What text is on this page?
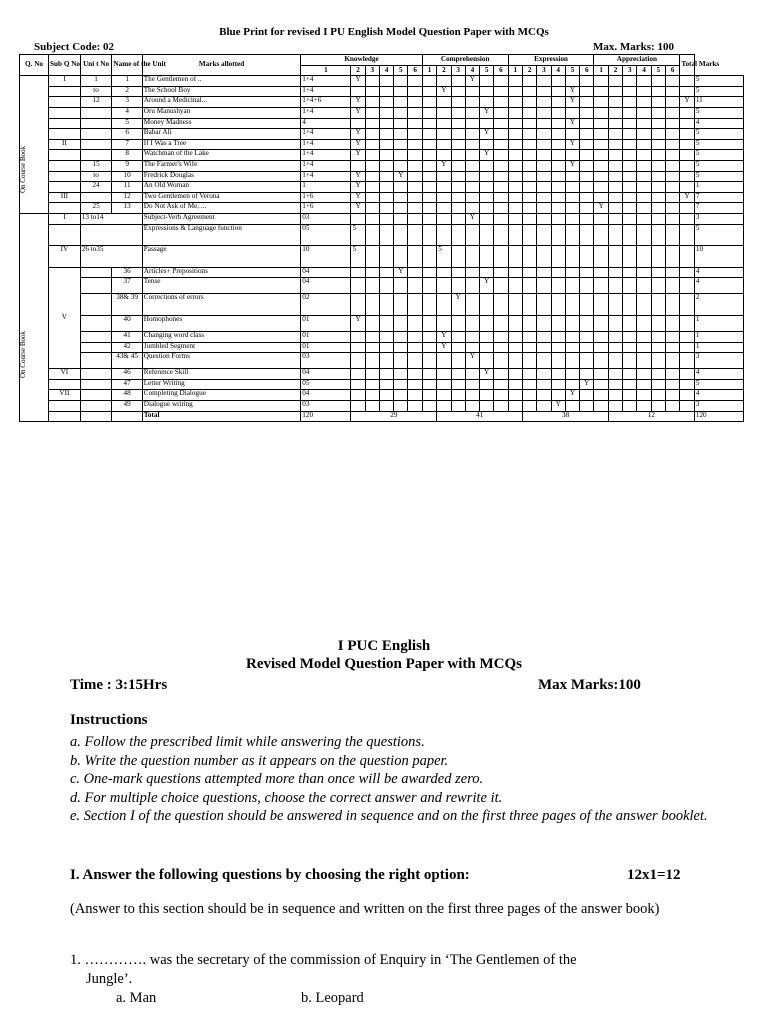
Blue Print for revised I PU English Model Question Paper with MCQs
Subject Code: 02	Max. Marks: 100
Q. No	Sub Q No	Uni t No	Name of the Unit	Marks allotted	Knowledge						Comprehension						Expression						Appreciation						Total Marks	
					1	2	3	4	5	6	1	2	3	4	5	6	1	2	3	4	5	6	1	2	3	4	5	6		
	I	1	1	The Gentlemen of ..	1+4	Y								Y																5
		to	2	The School Boy	1+4							Y									Y									5
		12	3	Around a Medicinal...	1+4+6	Y															Y								Y	11
			4	Oru Manushyan	1+4	Y									Y															5
			5	Money Madness	4																Y									4
			6	Babar Ali	1+4	Y									Y															5
	II		7	If I Was a Tree	1+4	Y															Y									5
			8	Watchman of the Lake	1+4	Y									Y															5
		15	9	The Farmer's Wife	1+4							Y									Y									5
		to	10	Fredrick Douglas	1+4	Y			Y																					5
		24	11	An Old Woman	1	Y																								1
	III		12	Two Gentlemen of Verona	1+6	Y																							Y	7
		25	13	Do Not Ask of Me, ...	1+6	Y																	Y							7
	I	13 to14		Subject-Verb Agreement	03									Y																3
				Expressions & Language function	05	5																								5
	IV	26 to35		Passage	10	5						5																		10
	V		36	Articles+ Prepositions	04				Y																					4
			37	Tense	04										Y															4
			38& 39	Corrections of errors	02								Y																	2
			40	Homophones	01	Y																								1
			41	Changing word class	01							Y																		1
			42	Jumbled Segment	01							Y																		1
			43& 45	Question Forms	03									Y																3
	VI		46	Reference Skill	04										Y															4
			47	Letter Writing	05																	Y								5
	VII		48	Completing Dialogue	04																Y									4
			49	Dialogue writing	03															Y										3
				Total	120	29						41						38						12						120
On Course Book
On Course Book
I PUC English
Revised Model Question Paper with MCQs
Time : 3:15Hrs	Max Marks:100
Instructions
a. Follow the prescribed limit while answering the questions.
b. Write the question number as it appears on the question paper.
c. One-mark questions attempted more than once will be awarded zero.
d. For multiple choice questions, choose the correct answer and rewrite it.
e. Section I of the question should be answered in sequence and on the first three pages of the answer booklet.
I. Answer the following questions by choosing the right option:	12x1=12
(Answer to this section should be in sequence and written on the first three pages of the answer book)
1. …………. was the secretary of the commission of Enquiry in ‘The Gentlemen of the
Jungle’.
a. Man	b. Leopard
